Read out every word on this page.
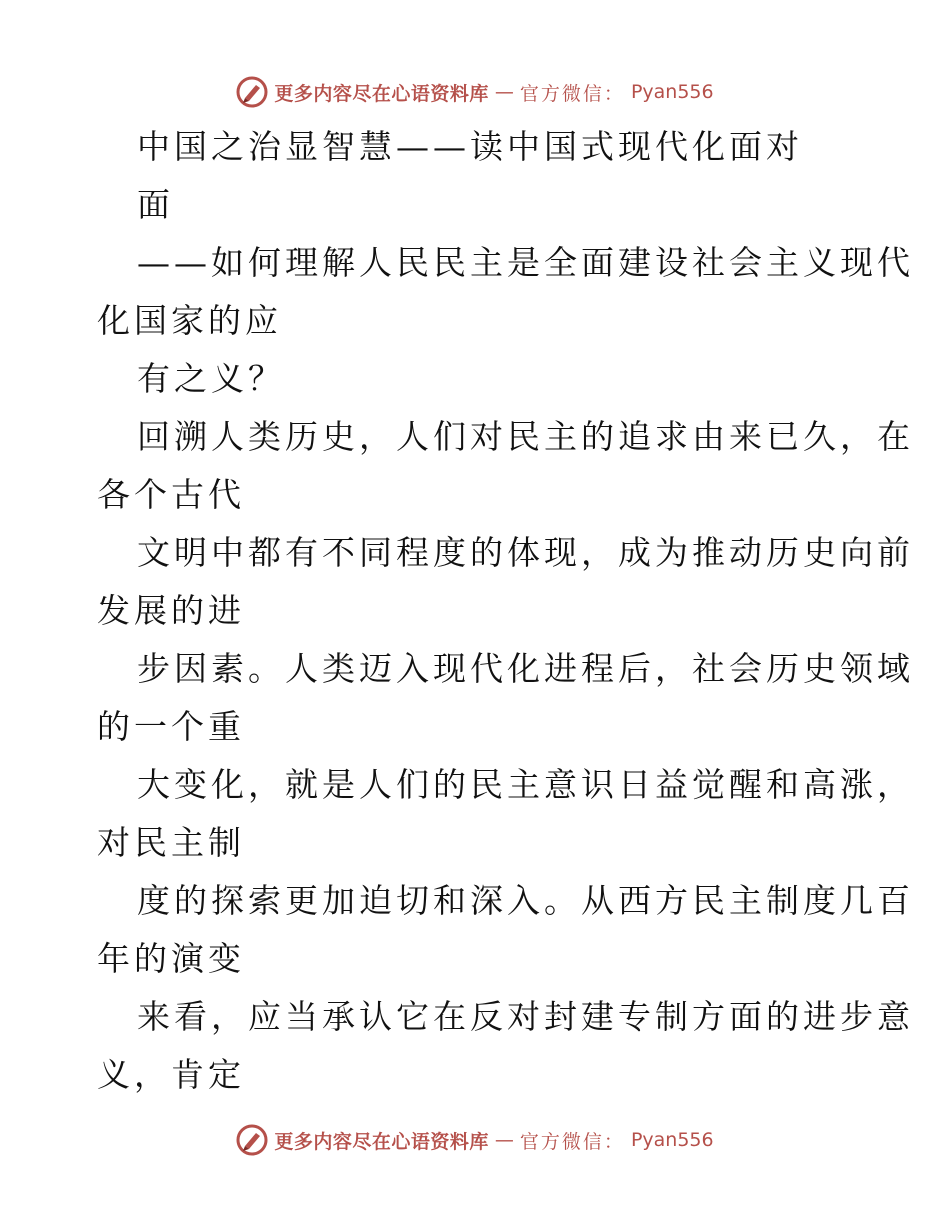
更多内容尽在心语资料库 — 官方微信： Pyan556
中国之治显智慧——读中国式现代化面对
面
——如何理解人民民主是全面建设社会主义现代
化国家的应
有之义？
回溯人类历史，人们对民主的追求由来已久，在
各个古代
文明中都有不同程度的体现，成为推动历史向前
发展的进
步因素。人类迈入现代化进程后，社会历史领域
的一个重
大变化，就是人们的民主意识日益觉醒和高涨，
对民主制
度的探索更加迫切和深入。从西方民主制度几百
年的演变
来看，应当承认它在反对封建专制方面的进步意
义，肯定
更多内容尽在心语资料库 — 官方微信： Pyan556
